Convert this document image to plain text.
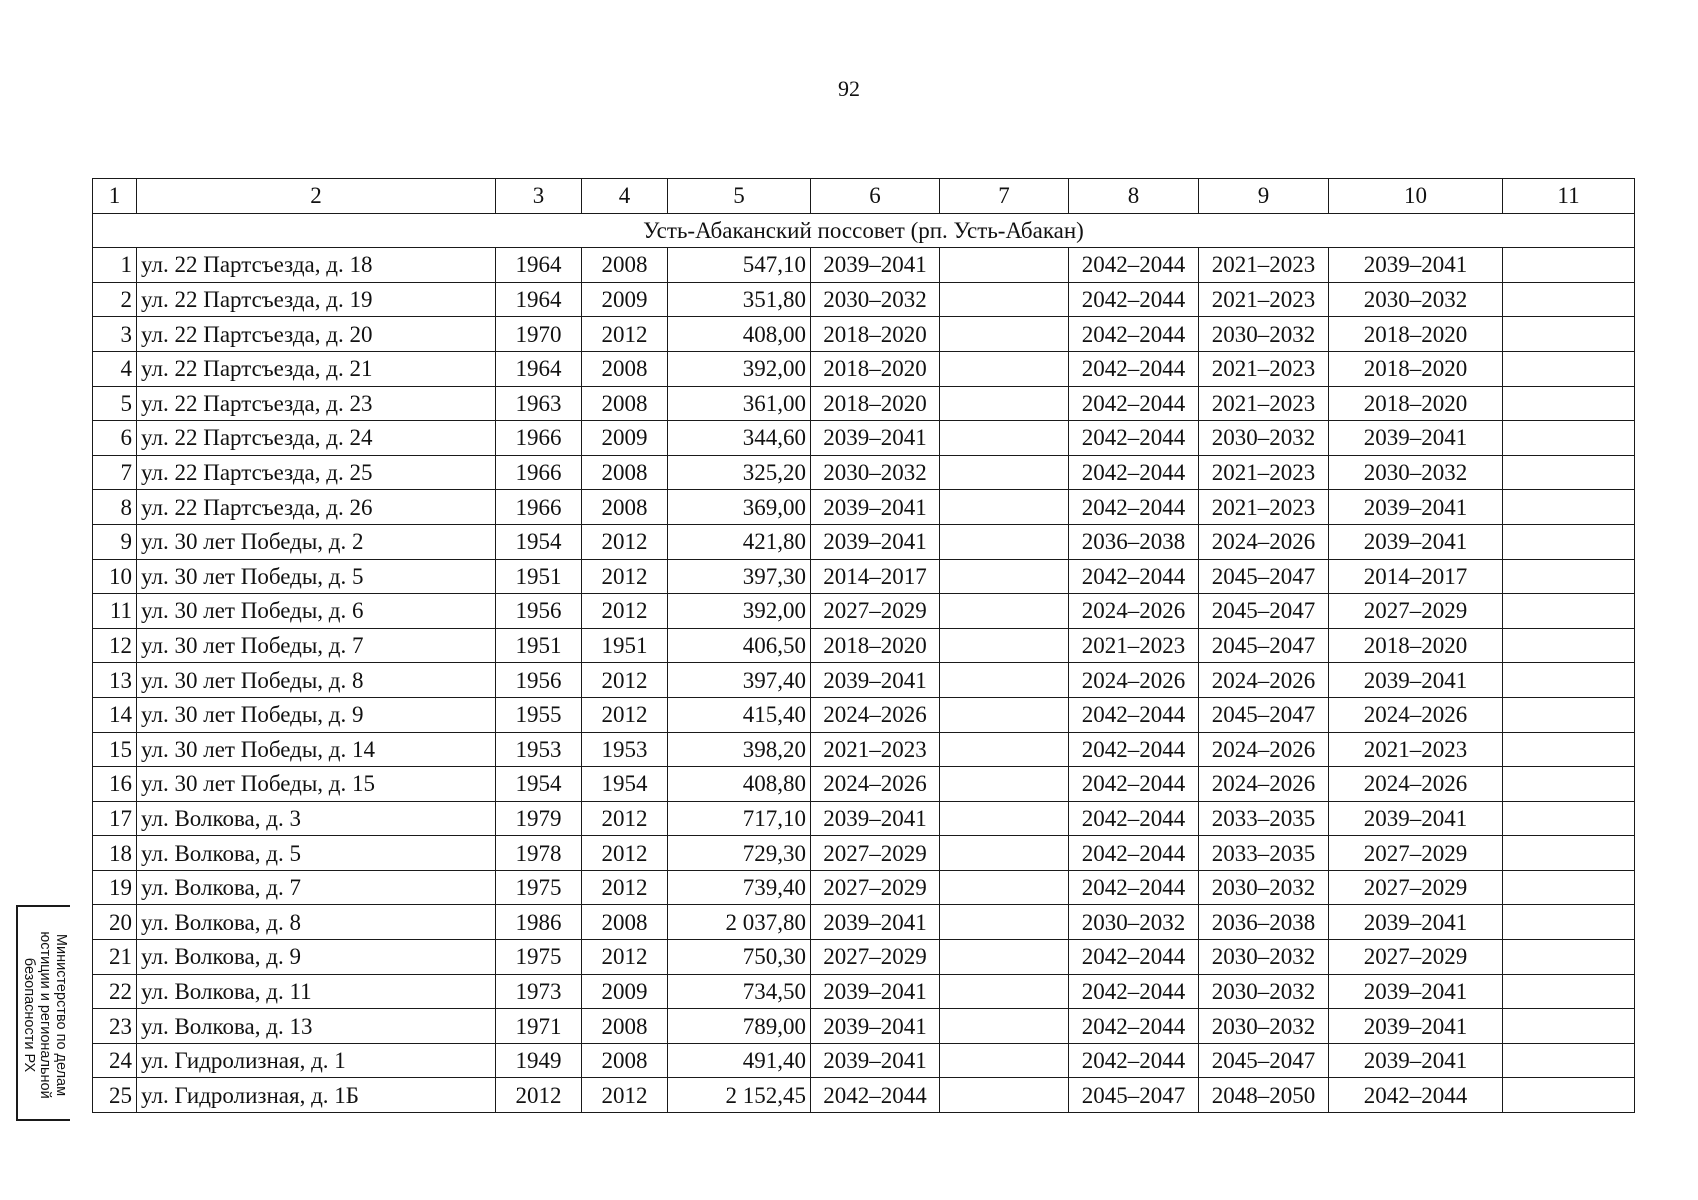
92
1	2	3	4	5	6	7	8	9	10	11
Усть-Абаканский поссовет (рп. Усть-Абакан)										
1	ул. 22 Партсъезда, д. 18	1964	2008	547,10	2039–2041		2042–2044	2021–2023	2039–2041	
2	ул. 22 Партсъезда, д. 19	1964	2009	351,80	2030–2032		2042–2044	2021–2023	2030–2032	
3	ул. 22 Партсъезда, д. 20	1970	2012	408,00	2018–2020		2042–2044	2030–2032	2018–2020	
4	ул. 22 Партсъезда, д. 21	1964	2008	392,00	2018–2020		2042–2044	2021–2023	2018–2020	
5	ул. 22 Партсъезда, д. 23	1963	2008	361,00	2018–2020		2042–2044	2021–2023	2018–2020	
6	ул. 22 Партсъезда, д. 24	1966	2009	344,60	2039–2041		2042–2044	2030–2032	2039–2041	
7	ул. 22 Партсъезда, д. 25	1966	2008	325,20	2030–2032		2042–2044	2021–2023	2030–2032	
8	ул. 22 Партсъезда, д. 26	1966	2008	369,00	2039–2041		2042–2044	2021–2023	2039–2041	
9	ул. 30 лет Победы, д. 2	1954	2012	421,80	2039–2041		2036–2038	2024–2026	2039–2041	
10	ул. 30 лет Победы, д. 5	1951	2012	397,30	2014–2017		2042–2044	2045–2047	2014–2017	
11	ул. 30 лет Победы, д. 6	1956	2012	392,00	2027–2029		2024–2026	2045–2047	2027–2029	
12	ул. 30 лет Победы, д. 7	1951	1951	406,50	2018–2020		2021–2023	2045–2047	2018–2020	
13	ул. 30 лет Победы, д. 8	1956	2012	397,40	2039–2041		2024–2026	2024–2026	2039–2041	
14	ул. 30 лет Победы, д. 9	1955	2012	415,40	2024–2026		2042–2044	2045–2047	2024–2026	
15	ул. 30 лет Победы, д. 14	1953	1953	398,20	2021–2023		2042–2044	2024–2026	2021–2023	
16	ул. 30 лет Победы, д. 15	1954	1954	408,80	2024–2026		2042–2044	2024–2026	2024–2026	
17	ул. Волкова, д. 3	1979	2012	717,10	2039–2041		2042–2044	2033–2035	2039–2041	
18	ул. Волкова, д. 5	1978	2012	729,30	2027–2029		2042–2044	2033–2035	2027–2029	
19	ул. Волкова, д. 7	1975	2012	739,40	2027–2029		2042–2044	2030–2032	2027–2029	
20	ул. Волкова, д. 8	1986	2008	2 037,80	2039–2041		2030–2032	2036–2038	2039–2041	
21	ул. Волкова, д. 9	1975	2012	750,30	2027–2029		2042–2044	2030–2032	2027–2029	
22	ул. Волкова, д. 11	1973	2009	734,50	2039–2041		2042–2044	2030–2032	2039–2041	
23	ул. Волкова, д. 13	1971	2008	789,00	2039–2041		2042–2044	2030–2032	2039–2041	
24	ул. Гидролизная, д. 1	1949	2008	491,40	2039–2041		2042–2044	2045–2047	2039–2041	
25	ул. Гидролизная, д. 1Б	2012	2012	2 152,45	2042–2044		2045–2047	2048–2050	2042–2044	
Министерство по делам
юстиции и региональной
безопасности РХ
